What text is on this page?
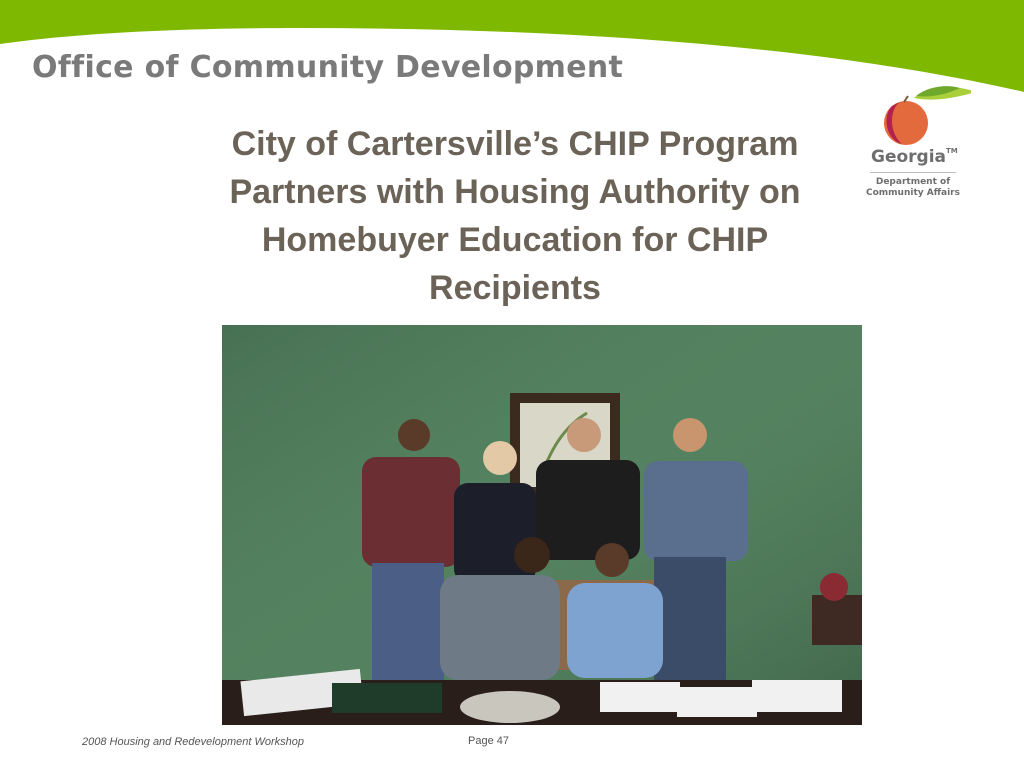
Office of Community Development
City of Cartersville’s CHIP Program
Partners with Housing Authority on
Homebuyer Education for CHIP
Recipients
Georgia™
Department of
Community Affairs
2008 Housing and Redevelopment Workshop	Page 47
